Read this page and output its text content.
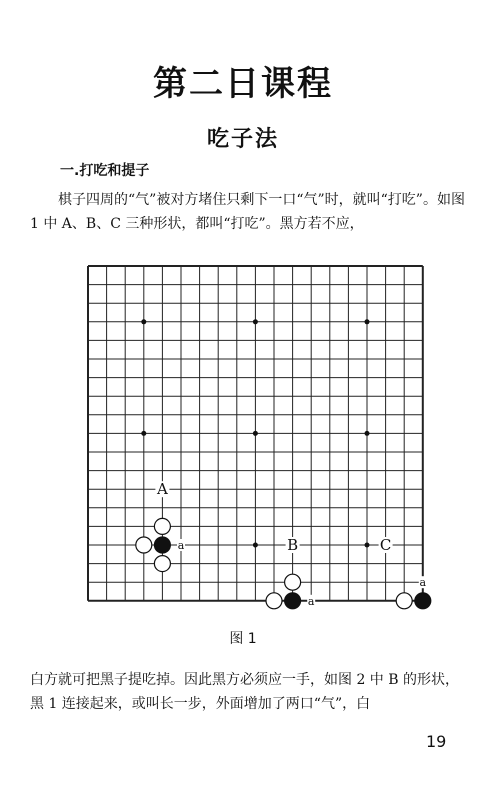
第二日课程
吃子法
一.打吃和提子
棋子四周的“气”被对方堵住只剩下一口“气”时，就叫“打吃”。如图 1 中 A、B、C 三种形状，都叫“打吃”。黑方若不应，
A
a	B
a
C
a
图 1
白方就可把黑子提吃掉。因此黑方必须应一手，如图 2 中 B 的形状，黑 1 连接起来，或叫长一步，外面增加了两口“气”，白
19
